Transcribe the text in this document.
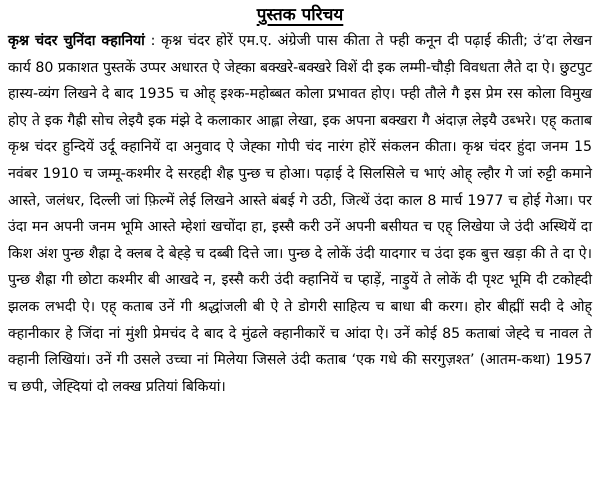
पुस्तक परिचय

कृश्न चंदर चुनिंदा क्हानियां : कृश्न चंदर होरें एम.ए. अंग्रेजी पास कीता ते फ्ही कनून दी पढ़ाई कीती; उं’दा लेखन कार्य 80 प्रकाशत पुस्तकें उप्पर अधारत ऐ जेह्का बक्खरे-बक्खरे विशें दी इक लम्मी-चौड़ी विवधता लैते दा ऐ। छुटपुट हास्य-व्यंग लिखने दे बाद 1935 च ओह् इश्क-महोब्बत कोला प्रभावत होए। फ्ही तौले गै इस प्रेम रस कोला विमुख होए ते इक गैह्री सोच लेइयै इक मंझे दे कलाकार आह्ला लेखा, इक अपना बक्खरा गै अंदाज़ लेइयै उब्भरे। एह् कताब कृश्न चंदर हुन्दियें उर्दू क्हानियें दा अनुवाद ऐ जेह्का गोपी चंद नारंग होरें संकलन कीता। कृश्न चंदर हुंदा जनम 15 नवंबर 1910 च जम्मू-कश्मीर दे सरहद्दी शैह्र पुन्छ च होआ। पढ़ाई दे सिलसिले च भाएं ओह् ल्हौर गे जां रुट्टी कमाने आस्ते, जलंधर, दिल्ली जां फ़िल्में लेई लिखने आस्ते बंबई गे उठी, जित्थें उंदा काल 8 मार्च 1977 च होई गेआ। पर उंदा मन अपनी जनम भूमि आस्ते म्हेशां खचोंदा हा, इस्सै करी उनें अपनी बसीयत च एह् लिखेया जे उंदी अस्थियें दा किश अंश पुन्छ शैह्रा दे क्लब दे बेह्ड़े च दब्बी दित्ते जा। पुन्छ दे लोकें उंदी यादगार च उंदा इक बुत्त खड़ा की ते दा ऐ। पुन्छ शैह्रा गी छोटा कश्मीर बी आखदे न, इस्सै करी उंदी क्हानियें च प्हाड़ें, नाड़ुयें ते लोकें दी पृश्ट भूमि दी टकोह्दी झलक लभदी ऐ। एह् कताब उनें गी श्रद्धांजली बी ऐ ते डोगरी साहित्य च बाधा बी करग। होर बीह्मीं सदी दे ओह् क्हानीकार हे जिंदा नां मुंशी प्रेमचंद दे बाद दे मुंढले क्हानीकारें च आंदा ऐ। उनें कोई 85 कताबां जेह्दे च नावल ते क्हानी लिखियां। उनें गी उसले उच्चा नां मिलेया जिसले उंदी कताब ‘एक गधे की सरगुज़श्त’ (आतम-कथा) 1957 च छपी, जेह्दियां दो लक्ख प्रतियां बिकियां।
